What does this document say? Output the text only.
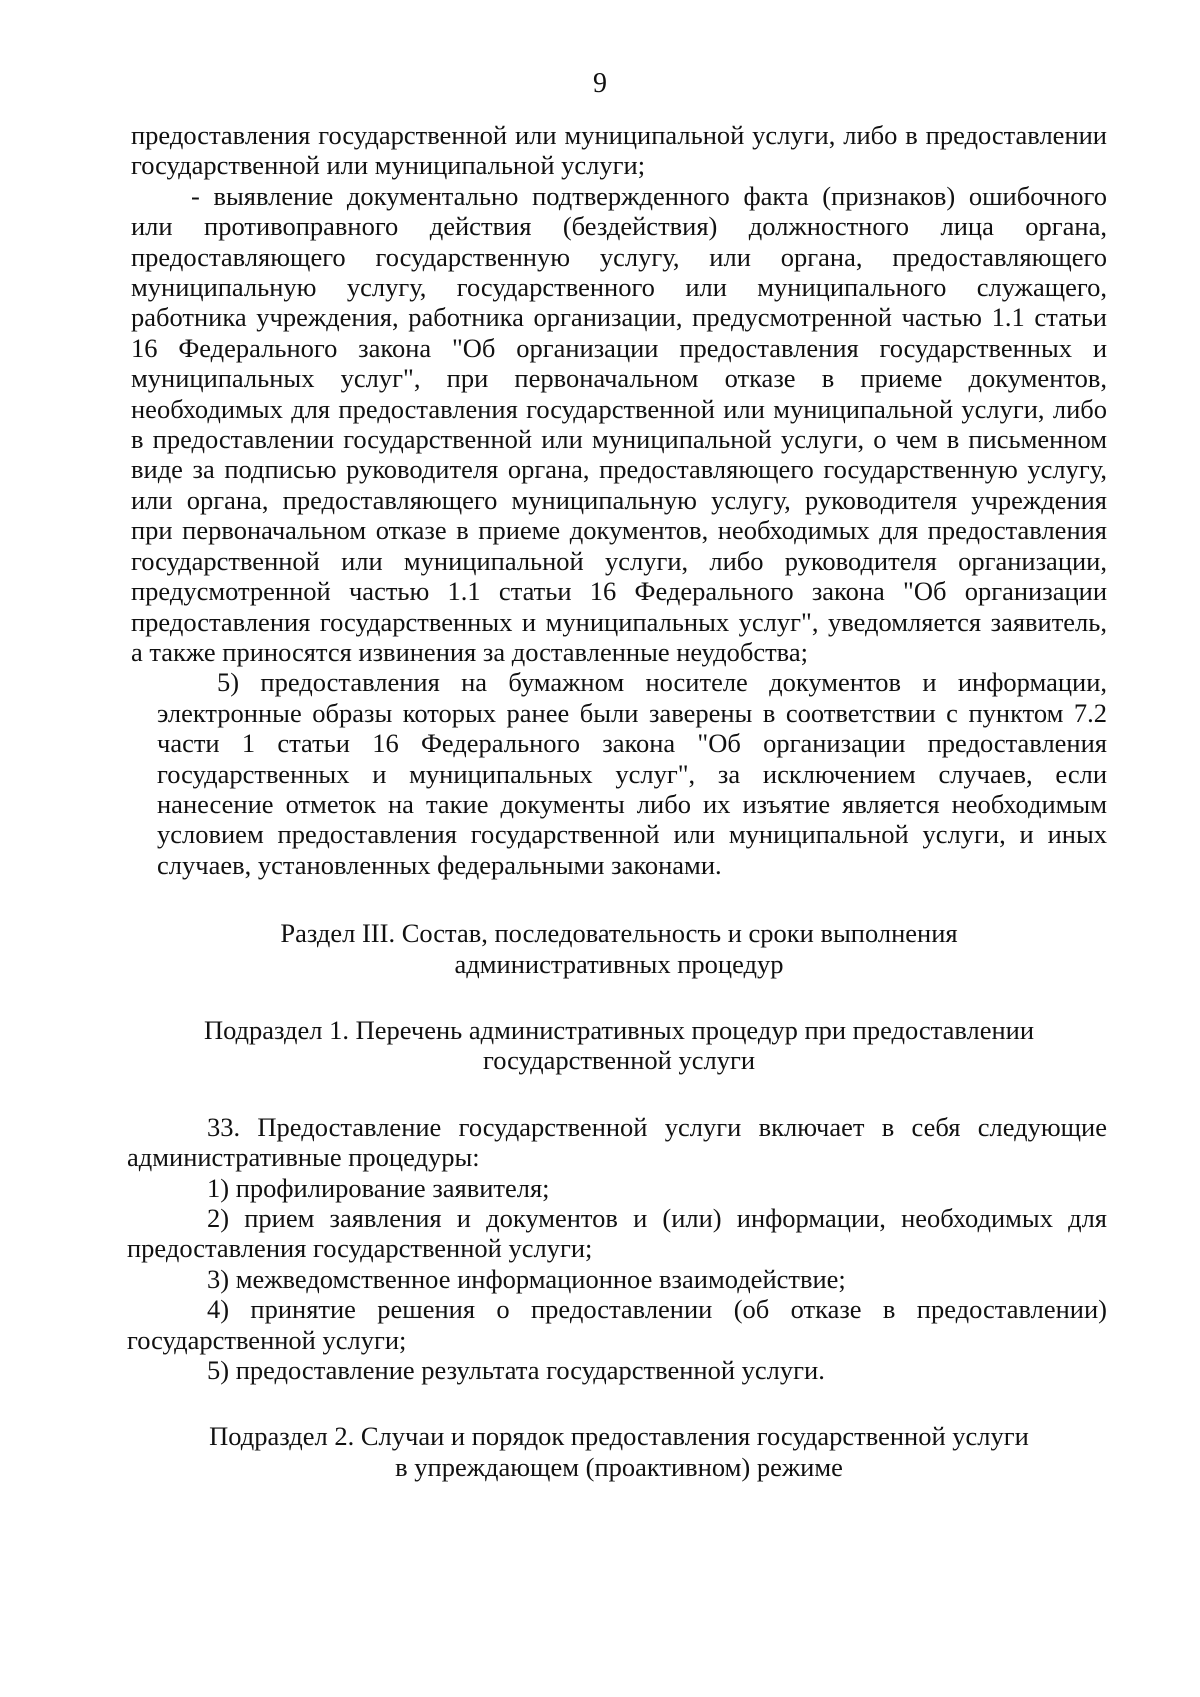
9

предоставления государственной или муниципальной услуги, либо в предоставлении государственной или муниципальной услуги;

- выявление документально подтвержденного факта (признаков) ошибочного или противоправного действия (бездействия) должностного лица органа, предоставляющего государственную услугу, или органа, предоставляющего муниципальную услугу, государственного или муниципального служащего, работника учреждения, работника организации, предусмотренной частью 1.1 статьи 16 Федерального закона "Об организации предоставления государственных и муниципальных услуг", при первоначальном отказе в приеме документов, необходимых для предоставления государственной или муниципальной услуги, либо в предоставлении государственной или муниципальной услуги, о чем в письменном виде за подписью руководителя органа, предоставляющего государственную услугу, или органа, предоставляющего муниципальную услугу, руководителя учреждения при первоначальном отказе в приеме документов, необходимых для предоставления государственной или муниципальной услуги, либо руководителя организации, предусмотренной частью 1.1 статьи 16 Федерального закона "Об организации предоставления государственных и муниципальных услуг", уведомляется заявитель, а также приносятся извинения за доставленные неудобства;

5) предоставления на бумажном носителе документов и информации, электронные образы которых ранее были заверены в соответствии с пунктом 7.2 части 1 статьи 16 Федерального закона "Об организации предоставления государственных и муниципальных услуг", за исключением случаев, если нанесение отметок на такие документы либо их изъятие является необходимым условием предоставления государственной или муниципальной услуги, и иных случаев, установленных федеральными законами.

Раздел III. Состав, последовательность и сроки выполнения
административных процедур

Подраздел 1. Перечень административных процедур при предоставлении
государственной услуги

33. Предоставление государственной услуги включает в себя следующие административные процедуры:

1) профилирование заявителя;

2) прием заявления и документов и (или) информации, необходимых для предоставления государственной услуги;

3) межведомственное информационное взаимодействие;

4) принятие решения о предоставлении (об отказе в предоставлении) государственной услуги;

5) предоставление результата государственной услуги.

Подраздел 2. Случаи и порядок предоставления государственной услуги
в упреждающем (проактивном) режиме
